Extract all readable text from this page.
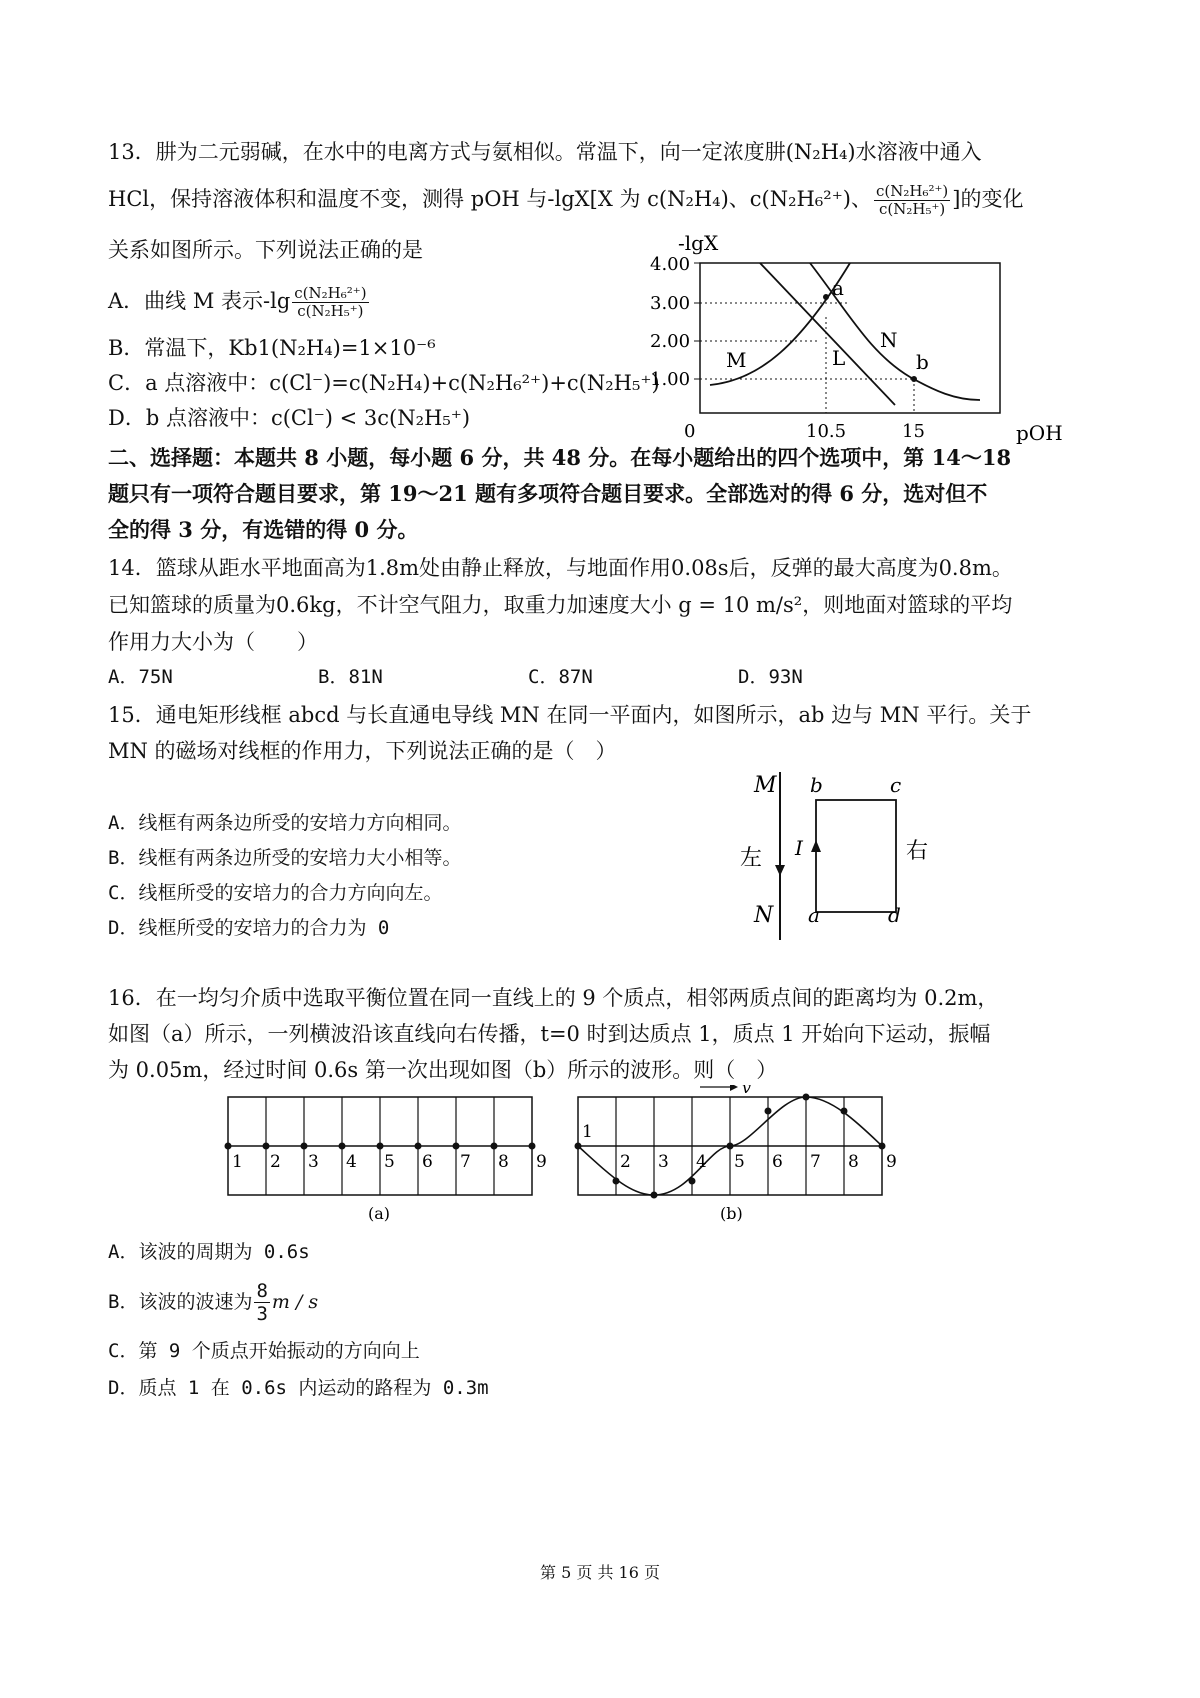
13．肼为二元弱碱，在水中的电离方式与氨相似。常温下，向一定浓度肼(N₂H₄)水溶液中通入
HCl，保持溶液体积和温度不变，测得 pOH 与-lgX[X 为 c(N₂H₄)、c(N₂H₆²⁺)、 $\frac{\text{c(N₂H₆²⁺)}}{\text{c(N₂H₅⁺)}}$ ]的变化
关系如图所示。下列说法正确的是
A．曲线 M 表示$-\lg \frac{\text{c(N₂H₆²⁺)}}{\text{c(N₂H₅⁺)}}$
B．常温下，Kb1(N₂H₄)=1×10⁻⁶
C．a 点溶液中：c(Cl⁻)=c(N₂H₄)+c(N₂H₆²⁺)+c(N₂H₅⁺)
D．b 点溶液中：c(Cl⁻) < 3c(N₂H₅⁺)
-lgX
4.00
3.00
2.00
1.00
0	10.5	15	pOH
M	L
N
a
b
二、选择题：本题共 8 小题，每小题 6 分，共 48 分。在每小题给出的四个选项中，第 14～18
题只有一项符合题目要求，第 19～21 题有多项符合题目要求。全部选对的得 6 分，选对但不
全的得 3 分，有选错的得 0 分。
14．篮球从距水平地面高为1.8m处由静止释放，与地面作用0.08s后，反弹的最大高度为0.8m。
已知篮球的质量为0.6kg，不计空气阻力，取重力加速度大小 g = 10 m/s²，则地面对篮球的平均
作用力大小为（　　）
A．75N	B．81N	C．87N	D．93N
15．通电矩形线框 abcd 与长直通电导线 MN 在同一平面内，如图所示，ab 边与 MN 平行。关于
MN 的磁场对线框的作用力，下列说法正确的是（　）
A．线框有两条边所受的安培力方向相同。
B．线框有两条边所受的安培力大小相等。
C．线框所受的安培力的合力方向向左。
D．线框所受的安培力的合力为 0
M
N
b	c
a	d
I
左	右
16．在一均匀介质中选取平衡位置在同一直线上的 9 个质点，相邻两质点间的距离均为 0.2m，
如图（a）所示，一列横波沿该直线向右传播，t=0 时到达质点 1，质点 1 开始向下运动，振幅
为 0.05m，经过时间 0.6s 第一次出现如图（b）所示的波形。则（　）
1 2 3 4 5 6 7 8 9
(a)
1
2 3 4 5 6 7 8 9
v
(b)
A．该波的周期为 0.6s
B．该波的波速为 $\frac{8}{3}$ m / s
C．第 9 个质点开始振动的方向向上
D．质点 1 在 0.6s 内运动的路程为 0.3m
第 5 页 共 16 页
